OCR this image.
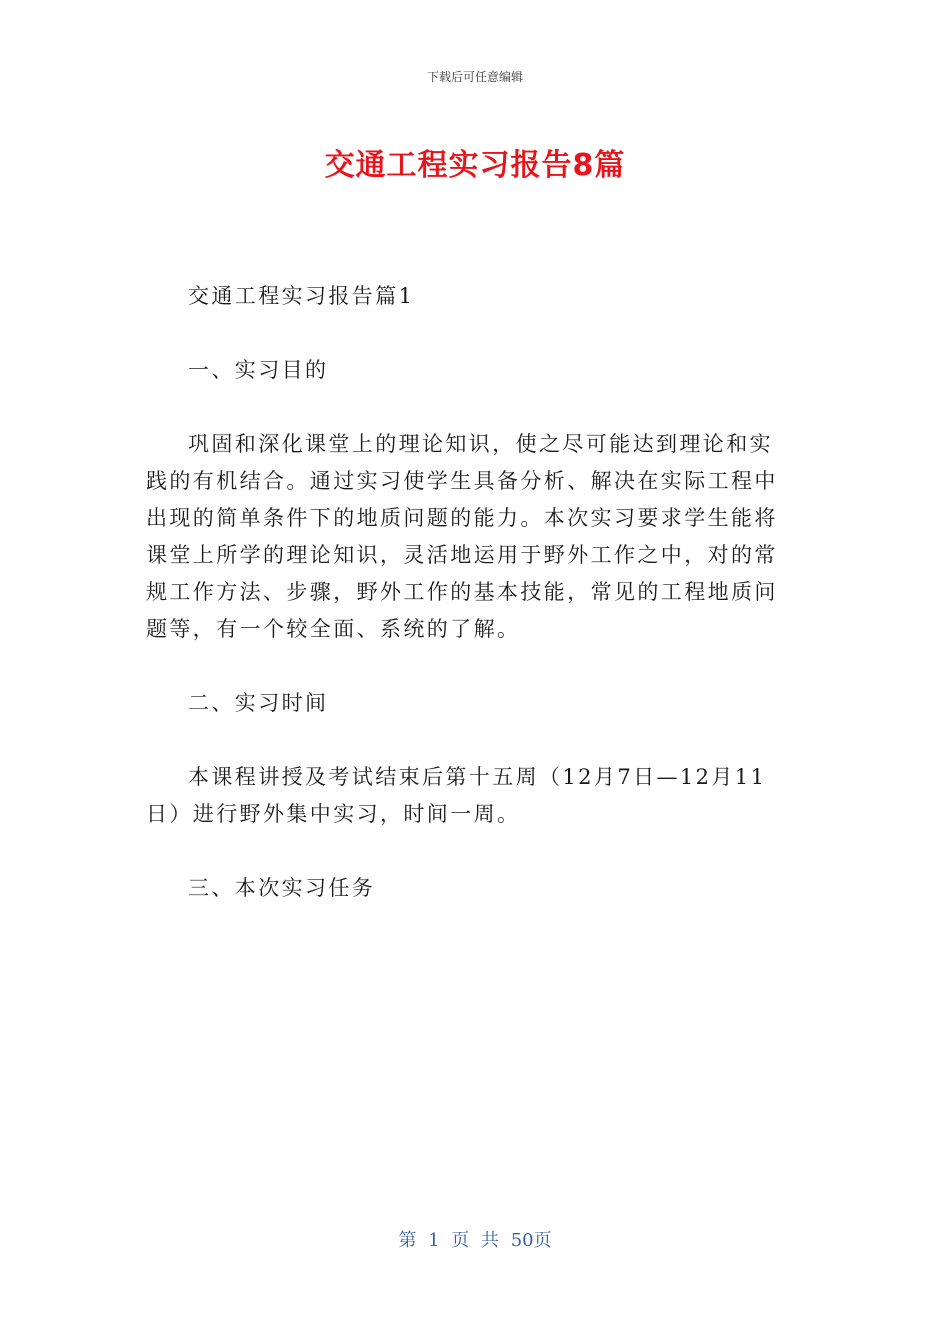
下载后可任意编辑
交通工程实习报告8篇

交通工程实习报告篇1

一、实习目的

巩固和深化课堂上的理论知识，使之尽可能达到理论和实践的有机结合。通过实习使学生具备分析、解决在实际工程中出现的简单条件下的地质问题的能力。本次实习要求学生能将课堂上所学的理论知识，灵活地运用于野外工作之中，对的常规工作方法、步骤，野外工作的基本技能，常见的工程地质问题等，有一个较全面、系统的了解。

二、实习时间

本课程讲授及考试结束后第十五周（12月7日—12月11日）进行野外集中实习，时间一周。

三、本次实习任务

第 1 页 共 50页
